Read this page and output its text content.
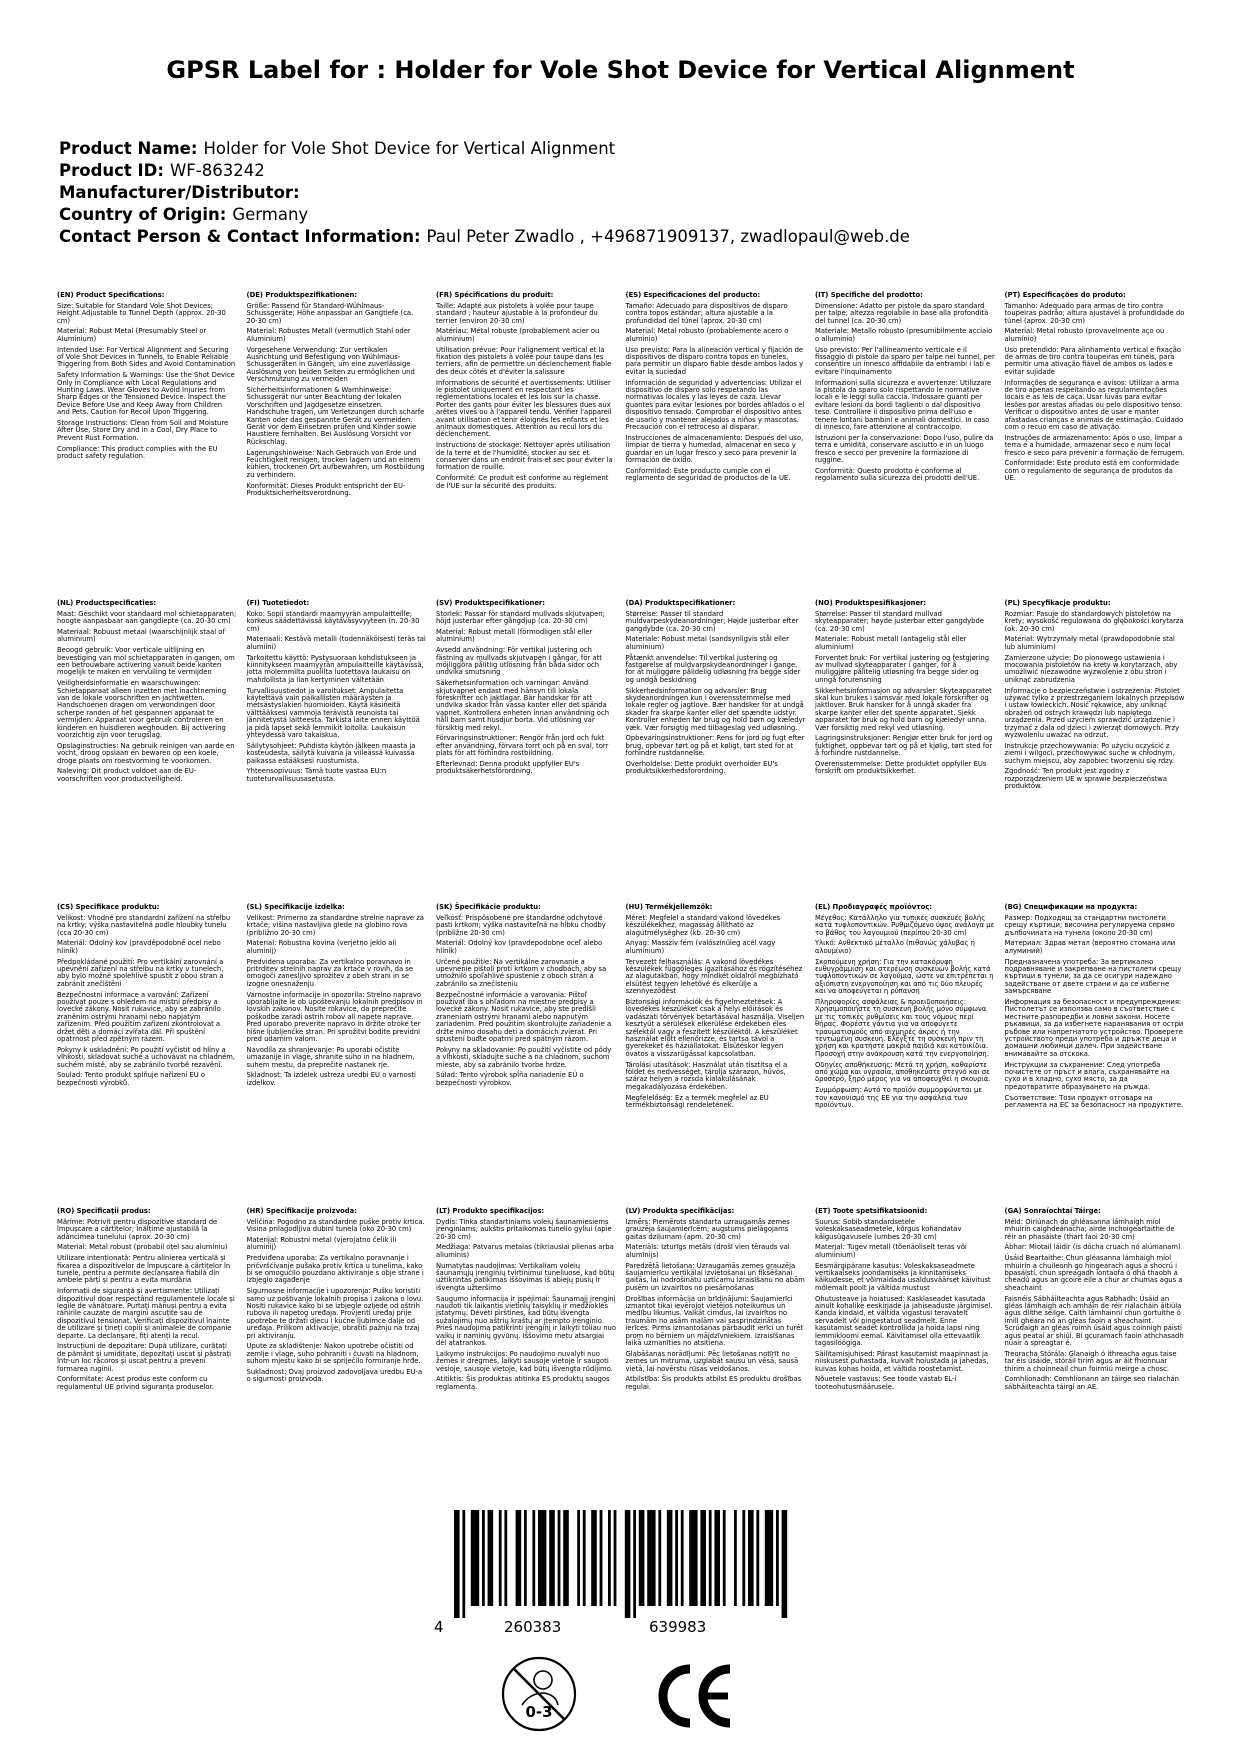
GPSR Label for : Holder for Vole Shot Device for Vertical Alignment
Product Name: Holder for Vole Shot Device for Vertical Alignment
Product ID: WF-863242
Manufacturer/Distributor:
Country of Origin: Germany
Contact Person & Contact Information: Paul Peter Zwadlo , +496871909137, zwadlopaul@web.de

(EN) Product Specifications:

Size: Suitable for Standard Vole Shot Devices; Height Adjustable to Tunnel Depth (approx. 20-30 cm)

Material: Robust Metal (Presumably Steel or Aluminium)

Intended Use: For Vertical Alignment and Securing of Vole Shot Devices in Tunnels, to Enable Reliable Triggering from Both Sides and Avoid Contamination

Safety Information & Warnings: Use the Shot Device Only in Compliance with Local Regulations and Hunting Laws. Wear Gloves to Avoid Injuries from Sharp Edges or the Tensioned Device. Inspect the Device Before Use and Keep Away from Children and Pets. Caution for Recoil Upon Triggering.

Storage Instructions: Clean from Soil and Moisture After Use, Store Dry and in a Cool, Dry Place to Prevent Rust Formation.

Compliance: This product complies with the EU product safety regulation.

(DE) Produktspezifikationen:

Größe: Passend für Standard-Wühlmaus-Schussgeräte; Höhe anpassbar an Gangtiefe (ca. 20-30 cm)

Material: Robustes Metall (vermutlich Stahl oder Aluminium)

Vorgesehene Verwendung: Zur vertikalen Ausrichtung und Befestigung von Wühlmaus-Schussgeräten in Gängen, um eine zuverlässige Auslösung von beiden Seiten zu ermöglichen und Verschmutzung zu vermeiden

Sicherheitsinformationen & Warnhinweise: Schussgerät nur unter Beachtung der lokalen Vorschriften und Jagdgesetze einsetzen. Handschuhe tragen, um Verletzungen durch scharfe Kanten oder das gespannte Gerät zu vermeiden. Gerät vor dem Einsetzen prüfen und Kinder sowie Haustiere fernhalten. Bei Auslösung Vorsicht vor Rückschlag.

Lagerungshinweise: Nach Gebrauch von Erde und Feuchtigkeit reinigen, trocken lagern und an einem kühlen, trockenen Ort aufbewahren, um Rostbildung zu verhindern.

Konformität: Dieses Produkt entspricht der EU-Produktsicherheitsverordnung.

(FR) Spécifications du produit:

Taille: Adapté aux pistolets à volée pour taupe standard ; hauteur ajustable à la profondeur du terrier (environ 20-30 cm)

Matériau: Métal robuste (probablement acier ou aluminium)

Utilisation prévue: Pour l'alignement vertical et la fixation des pistolets à volée pour taupe dans les terriers, afin de permettre un déclenchement fiable des deux côtés et d'éviter la salissure

Informations de sécurité et avertissements: Utiliser le pistolet uniquement en respectant les réglementations locales et les lois sur la chasse. Porter des gants pour éviter les blessures dues aux arêtes vives ou à l'appareil tendu. Vérifier l'appareil avant utilisation et tenir éloignés les enfants et les animaux domestiques. Attention au recul lors du déclenchement.

Instructions de stockage: Nettoyer après utilisation de la terre et de l'humidité, stocker au sec et conserver dans un endroit frais et sec pour éviter la formation de rouille.

Conformité: Ce produit est conforme au règlement de l'UE sur la sécurité des produits.

(ES) Especificaciones del producto:

Tamaño: Adecuado para dispositivos de disparo contra topos estándar; altura ajustable a la profundidad del túnel (aprox. 20-30 cm)

Material: Metal robusto (probablemente acero o aluminio)

Uso previsto: Para la alineación vertical y fijación de dispositivos de disparo contra topos en túneles, para permitir un disparo fiable desde ambos lados y evitar la suciedad

Información de seguridad y advertencias: Utilizar el dispositivo de disparo solo respetando las normativas locales y las leyes de caza. Llevar guantes para evitar lesiones por bordes afilados o el dispositivo tensado. Comprobar el dispositivo antes de usarlo y mantener alejados a niños y mascotas. Precaución con el retroceso al disparar.

Instrucciones de almacenamiento: Después del uso, limpiar de tierra y humedad, almacenar en seco y guardar en un lugar fresco y seco para prevenir la formación de óxido.

Conformidad: Este producto cumple con el reglamento de seguridad de productos de la UE.

(IT) Specifiche del prodotto:

Dimensione: Adatto per pistole da sparo standard per talpe; altezza regolabile in base alla profondità del tunnel (ca. 20-30 cm)

Materiale: Metallo robusto (presumibilmente acciaio o alluminio)

Uso previsto: Per l'allineamento verticale e il fissaggio di pistole da sparo per talpe nei tunnel, per consentire un innesco affidabile da entrambi i lati e evitare l'inquinamento

Informazioni sulla sicurezza e avvertenze: Utilizzare la pistola da sparo solo rispettando le normative locali e le leggi sulla caccia. Indossare guanti per evitare lesioni da bordi taglienti o dal dispositivo teso. Controllare il dispositivo prima dell'uso e tenere lontani bambini e animali domestici. In caso di innesco, fare attenzione al contraccolpo.

Istruzioni per la conservazione: Dopo l'uso, pulire da terra e umidità, conservare asciutto e in un luogo fresco e secco per prevenire la formazione di ruggine.

Conformità: Questo prodotto è conforme al regolamento sulla sicurezza dei prodotti dell'UE.

(PT) Especificações do produto:

Tamanho: Adequado para armas de tiro contra toupeiras padrão; altura ajustável à profundidade do túnel (aprox. 20-30 cm)

Material: Metal robusto (provavelmente aço ou alumínio)

Uso pretendido: Para alinhamento vertical e fixação de armas de tiro contra toupeiras em túneis, para permitir uma ativação fiável de ambos os lados e evitar sujidade

Informações de segurança e avisos: Utilizar a arma de tiro apenas respeitando as regulamentações locais e as leis de caça. Usar luvas para evitar lesões por arestas afiadas ou pelo dispositivo tenso. Verificar o dispositivo antes de usar e manter afastadas crianças e animais de estimação. Cuidado com o recuo em caso de ativação.

Instruções de armazenamento: Após o uso, limpar a terra e a humidade, armazenar seco e num local fresco e seco para prevenir a formação de ferrugem.

Conformidade: Este produto está em conformidade com o regulamento de segurança de produtos da UE.

(NL) Productspecificaties:

Maat: Geschikt voor standaard mol schietapparaten; hoogte aanpasbaar aan gangdiepte (ca. 20-30 cm)

Materiaal: Robuust metaal (waarschijnlijk staal of aluminium)

Beoogd gebruik: Voor verticale uitlijning en bevestiging van mol schietapparaten in gangen, om een betrouwbare activering vanuit beide kanten mogelijk te maken en vervuiling te vermijden

Veiligheidsinformatie en waarschuwingen: Schietapparaat alleen inzetten met inachtneming van de lokale voorschriften en jachtwetten. Handschoenen dragen om verwondingen door scherpe randen of het gespannen apparaat te vermijden. Apparaat voor gebruik controleren en kinderen en huisdieren weghouden. Bij activering voorzichtig zijn voor terugslag.

Opslaginstructies: Na gebruik reinigen van aarde en vocht, droog opslaan en bewaren op een koele, droge plaats om roestvorming te voorkomen.

Naleving: Dit product voldoet aan de EU-voorschriften voor productveiligheid.

(FI) Tuotetiedot:

Koko: Sopii standardi maamyyrän ampulaitteille; korkeus säädettävissä käytäväsyvyyteen (n. 20-30 cm)

Materiaali: Kestävä metalli (todennäköisesti teräs tai alumiini)

Tarkoitettu käyttö: Pystysuoraan kohdistukseen ja kiinnitykseen maamyyrän ampulaitteille käytävissä, jotta molemmilta puolilta luotettava laukaisu on mahdollista ja lian kertyminen vältetään

Turvallisuustiedot ja varoitukset: Ampulaitetta käytettävä vain paikallisten määräysten ja metsästyslakien huomioiden. Käytä käsineitä välttääksesi vammoja terävistä reunoista tai jännitetystä laitteesta. Tarkista laite ennen käyttöä ja pidä lapset sekä lemmikit loitolla. Laukaisun yhteydessä varo takaiskua.

Säilytysohjeet: Puhdista käytön jälkeen maasta ja kosteudesta, säilytä kuivana ja viileässä kuivassa paikassa estääksesi ruostumista.

Yhteensopivuus: Tämä tuote vastaa EU:n tuoteturvallisuusasetusta.

(SV) Produktspecifikationer:

Storlek: Passar för standard mullvads skjutvapen; höjd justerbar efter gångdjup (ca. 20-30 cm)

Material: Robust metall (förmodligen stål eller aluminium)

Avsedd användning: För vertikal justering och fästning av mullvads skjutvapen i gångar, för att möjliggöra pålitlig utlösning från båda sidor och undvika smutsning

Säkerhetsinformation och varningar: Använd skjutvapnet endast med hänsyn till lokala föreskrifter och jaktlagar. Bär handskar för att undvika skador från vassa kanter eller det spända vapnet. Kontrollera enheten innan användning och håll barn samt husdjur borta. Vid utlösning var försiktig med rekyl.

Förvaringsinstruktioner: Rengör från jord och fukt efter användning, förvara torrt och på en sval, torr plats för att förhindra rostbildning.

Efterlevnad: Denna produkt uppfyller EU's produktsäkerhetsförordning.

(DA) Produktspecifikationer:

Størrelse: Passer til standard muldvarpeskydeanordninger; Højde justerbar efter gangdybde (ca. 20-30 cm)

Materiale: Robust metal (sandsynligvis stål eller aluminium)

Påtænkt anvendelse: Til vertikal justering og fastgørelse af muldvarpskydeanordninger i gange, for at muliggøre pålidelig udløsning fra begge sider og undgå beskidning

Sikkerhedsinformation og advarsler: Brug skydeanordningen kun i overensstemmelse med lokale regler og jagtlove. Bær handsker for at undgå skader fra skarpe kanter eller det spændte udstyr. Kontroller enheden før brug og hold børn og kæledyr væk. Vær forsigtig med tilbageslag ved udløsning.

Opbevaringsinstruktioner: Rens for jord og fugt efter brug, opbevar tørt og på et køligt, tørt sted for at forhindre rustdannelse.

Overholdelse: Dette produkt overholder EU's produktsikkerhedsforordning.

(NO) Produktspesifikasjoner:

Størrelse: Passer til standard mullvad skyteapparater; høyde justerbar etter gangdybde (ca. 20-30 cm)

Materiale: Robust metall (antagelig stål eller aluminium)

Forventet bruk: For vertikal justering og festgjøring av mullvad skyteapparater i ganger, for å muliggjøre pålitelig utløsning fra begge sider og unngå forurensning

Sikkerhetsinformasjon og advarsler: Skyteapparatet skal kun brukes i samsvar med lokale forskrifter og jaktlover. Bruk hansker for å unngå skader fra skarpe kanter eller det spente apparatet. Sjekk apparatet før bruk og hold barn og kjæledyr unna. Vær forsiktig med rekyl ved utløsning.

Lagringsinstruksjoner: Rengjør etter bruk for jord og fuktighet, oppbevar tørt og på et kjølig, tørt sted for å forhindre rustdannelse.

Overensstemmelse: Dette produktet oppfyller EUs forskrift om produktsikkerhet.

(PL) Specyfikacje produktu:

Rozmiar: Pasuje do standardowych pistoletów na krety; wysokość regulowana do głębokości korytarza (ok. 20-30 cm)

Materiał: Wytrzymały metal (prawdopodobnie stal lub aluminium)

Zamierzone użycie: Do pionowego ustawienia i mocowania pistoletów na krety w korytarzach, aby umożliwić niezawodne wyzwolenie z obu stron i uniknąć zabrudzenia

Informacje o bezpieczeństwie i ostrzeżenia: Pistolet używać tylko z przestrzeganiem lokalnych przepisów i ustaw łowieckich. Nosić rękawice, aby uniknąć obrażeń od ostrych krawędzi lub napiętego urządzenia. Przed użyciem sprawdzić urządzenie i trzymać z dala od dzieci i zwierząt domowych. Przy wyzwoleniu uważać na odrzut.

Instrukcje przechowywania: Po użyciu oczyścić z ziemi i wilgoci, przechowywać suche w chłodnym, suchym miejscu, aby zapobiec tworzeniu się rdzy.

Zgodność: Ten produkt jest zgodny z rozporządzeniem UE w sprawie bezpieczeństwa produktów.

(CS) Specifikace produktu:

Velikost: Vhodné pro standardní zařízení na střelbu na krtky; výška nastavitelná podle hloubky tunelu (cca 20-30 cm)

Materiál: Odolný kov (pravděpodobně ocel nebo hliník)

Předpokládané použití: Pro vertikální zarovnání a upevnění zařízení na střelbu na krtky v tunelech, aby bylo možné spolehlivě spustit z obou stran a zabránit znečištění

Bezpečnostní informace a varování: Zařízení používat pouze s ohledem na místní předpisy a lovecké zákony. Nosit rukavice, aby se zabránilo zraněním ostrými hranami nebo napjatým zařízením. Před použitím zařízení zkontrolovat a držet děti a domácí zvířata dál. Při spuštění opatrnost před zpětným rázem.

Pokyny k uskladnění: Po použití vyčistit od hlíny a vlhkosti, skladovat suché a uchovávat na chladném, suchém místě, aby se zabránilo tvorbě rezavění.

Soulad: Tento produkt splňuje nařízení EU o bezpečnosti výrobků.

(SL) Specifikacije izdelka:

Velikost: Primerno za standardne strelne naprave za krtače; višina nastavljiva glede na globino rova (približno 20-30 cm)

Material: Robustna kovina (verjetno jeklo ali aluminij)

Predvidena uporaba: Za vertikalno poravnavo in pritrditev strelnih naprav za krtače v rovih, da se omogoči zanesljivo sprožitev z obeh strani in se izogne onesnaženju

Varnostne informacije in opozorila: Strelno napravo uporabljajte le ob upoštevanju lokalnih predpisov in lovskih zakonov. Nosite rokavice, da preprečite poškodbe zaradi ostrih robov ali napete naprave. Pred uporabo preverite napravo in držite otroke ter hišne ljubljenčke stran. Pri sprožitvi bodite previdni pred udarnim valom.

Navodila za shranjevanje: Po uporabi očistite umazanije in vlage, shranite suho in na hladnem, suhem mestu, da preprečite nastanek rje.

Skladnost: Ta izdelek ustreza uredbi EU o varnosti izdelkov.

(SK) Špecifikácie produktu:

Veľkosť: Prispôsobené pre štandardné odchytové pasti krtkom; výška nastaviteľná na hĺbku chodby (približne 20-30 cm)

Materiál: Odolný kov (pravdepodobne oceľ alebo hliník)

Určené použitie: Na vertikálne zarovnanie a upevnenie pištolí proti krtkom v chodbách, aby sa umožnilo spoľahlivé spustenie z oboch strán a zabránilo sa znečisteniu

Bezpečnostné informácie a varovania: Pištoľ používať iba s ohľadom na miestne predpisy a lovecké zákony. Nosiť rukavice, aby ste predišli zraneniam ostrými hranami alebo napnutým zariadením. Pred použitím skontrolujte zariadenie a držte mimo dosahu detí a domácich zvierat. Pri spustení buďte opatrní pred spätným rázom.

Pokyny na skladovanie: Po použití vyčistite od pôdy a vlhkosti, skladujte suché a na chladnom, suchom mieste, aby sa zabránilo tvorbe hrdze.

Súlad: Tento výrobok spĺňa nariadenie EÚ o bezpečnosti výrobkov.

(HU) Termékjellemzők:

Méret: Megfelel a standard vakond lövedékes készülékekhez; magasság állítható az alagútmélységhez (kb. 20-30 cm)

Anyag: Masszív fém (valószínűleg acél vagy alumínium)

Tervezett felhasználás: A vakond lövedékes készülékek függőleges igazításához és rögzítéséhez az alagutakban, hogy mindkét oldalról megbízható elsütést tegyen lehetővé és elkerülje a szennyeződést

Biztonsági információk és figyelmeztetések: A lövedékes készüléket csak a helyi előírások és vadászati törvények betartásával használja. Viseljen kesztyűt a sérülések elkerülése érdekében éles szélektől vagy a feszített készüléktől. A készüléket használat előtt ellenőrizze, és tartsa távol a gyerekeket és háziállatokat. Elsütéskor legyen óvatos a visszarúgással kapcsolatban.

Tárolási utasítások: Használat után tisztítsa el a földet és nedvességet, tárolja szárazon, hűvös, száraz helyen a rozsda kialakulásának megakadályozása érdekében.

Megfelelőség: Ez a termék megfelel az EU termékbiztonsági rendeletének.

(EL) Προδιαγραφές προϊόντος:

Μέγεθος: Κατάλληλο για τυπικές συσκευές βολής κατά τυφλοποντικών. Ρυθμιζόμενο ύψος ανάλογα με το βάθος του λαγουμιού (περίπου 20-30 cm)

Υλικό: Ανθεκτικό μέταλλο (πιθανώς χάλυβας ή αλουμίνιο)

Σκοπούμενη χρήση: Για την κατακόρυφη ευθυγράμμιση και στερέωση συσκευών βολής κατά τυφλοποντικών σε λαγούμια, ώστε να επιτρέπεται η αξιόπιστη ενεργοποίηση και από τις δύο πλευρές και να αποφεύγεται η ρύπανση

Πληροφορίες ασφάλειας & προειδοποιήσεις: Χρησιμοποιήστε τη συσκευή βολής μόνο σύμφωνα με τις τοπικές ρυθμίσεις και τους νόμους περί θήρας. Φορέστε γάντια για να αποφύγετε τραυματισμούς από αιχμηρές άκρες ή την τεντωμένη συσκευή. Ελέγξτε τη συσκευή πριν τη χρήση και κρατήστε μακριά παιδιά και κατοικίδια. Προσοχή στην ανάκρουση κατά την ενεργοποίηση.

Οδηγίες αποθήκευσης: Μετά τη χρήση, καθαρίστε από χώμα και υγρασία, αποθηκεύστε στεγνό και σε δροσερό, ξηρό μέρος για να αποφευχθεί η σκουριά.

Συμμόρφωση: Αυτό το προϊόν συμμορφώνεται με τον κανονισμό της ΕΕ για την ασφάλεια των προϊόντων.

(BG) Спецификации на продукта:

Размер: Подходящ за стандартни пистолети срещу къртици; височина регулируема спрямо дълбочината на тунела (около 20-30 cm)

Материал: Здрав метал (вероятно стомана или алуминий)

Предназначена употреба: За вертикално подравняване и закрепване на пистолети срещу къртици в тунели, за да се осигури надеждно задействане от двете страни и да се избегне замърсяване

Информация за безопасност и предупреждения: Пистолетът се използва само в съответствие с местните разпоредби и ловни закони. Носете ръкавици, за да избегнете наранявания от остри ръбове или напрегнатото устройство. Проверете устройството преди употреба и дръжте деца и домашни любимци далеч. При задействане внимавайте за отскока.

Инструкции за съхранение: След употреба почистете от пръст и влага, съхранявайте на сухо и в хладно, сухо място, за да предотвратите образуването на ръжда.

Съответствие: Този продукт отговаря на регламента на ЕС за безопасност на продуктите.

(RO) Specificații produs:

Mărime: Potrivit pentru dispozitive standard de împușcare a cârtițelor; Înălțime ajustabilă la adâncimea tunelului (aprox. 20-30 cm)

Material: Metal robust (probabil oțel sau aluminiu)

Utilizare intenționată: Pentru alinierea verticală și fixarea a dispozitivelor de împușcare a cârtițelor în tunele, pentru a permite declanșarea fiabilă din ambele părți și pentru a evita murdăria

Informații de siguranță și avertismente: Utilizați dispozitivul doar respectând regulamentele locale și legile de vânătoare. Purtați mănuși pentru a evita rănirile cauzate de margini ascuțite sau de dispozitivul tensionat. Verificați dispozitivul înainte de utilizare și țineți copiii și animalele de companie departe. La declanșare, fiți atenți la recul.

Instrucțiuni de depozitare: După utilizare, curățați de pământ și umiditate, depozitați uscat și păstrați într-un loc răcoros și uscat pentru a preveni formarea ruginii.

Conformitate: Acest produs este conform cu regulamentul UE privind siguranța produselor.

(HR) Specifikacije proizvoda:

Veličina: Pogodno za standardne puške protiv krtica. Visina prilagodljiva dubini tunela (oko 20-30 cm)

Materijal: Robustni metal (vjerojatno čelik ili aluminij)

Predviđena uporaba: Za vertikalno poravnanje i pričvršćivanje pušaka protiv krtica u tunelima, kako bi se omogućilo pouzdano aktiviranje s obje strane i izbjeglo zagađenje

Sigurnosne informacije i upozorenja: Pušku koristiti samo uz poštivanje lokalnih propisa i zakona o lovu. Nositi rukavice kako bi se izbjegle ozljede od oštrih rubova ili napetog uređaja. Provjeriti uređaj prije upotrebe te držati djecu i kućne ljubimce dalje od uređaja. Prilikom aktivacije, obratiti pažnju na trzaj pri aktiviranju.

Upute za skladištenje: Nakon upotrebe očistiti od zemlje i vlage, suho pohraniti i čuvati na hladnom, suhom mjestu kako bi se spriječilo formiranje hrđe.

Sukladnost: Ovaj proizvod zadovoljava uredbu EU-a o sigurnosti proizvoda.

(LT) Produkto specifikacijos:

Dydis: Tinka standartiniams voleių šaunamiesiems įrenginiams; aukštis pritaikomas tunelio gyliui (apie 20-30 cm)

Medžiaga: Patvarus metalas (tikriausiai plienas arba aliuminis)

Numatytas naudojimas: Vertikaliam voleių šaunamųjų įrenginių tvirtinimui tuneliuose, kad būtų užtikrintas patikimas iššovimas iš abiejų pusių ir išvengta užteršimo

Saugumo informacija ir įspėjimai: Šaunamąjį įrenginį naudoti tik laikantis vietinių taisyklių ir medžioklės įstatymų. Dėvėti pirštines, kad būtų išvengta sužalojimų nuo aštrių kraštų ar įtempto įrenginio. Prieš naudojimą patikrinti įrenginį ir laikyti toliau nuo vaikų ir naminių gyvūnų. Iššovimo metu atsargiai dėl atatrankos.

Laikymo instrukcijos: Po naudojimo nuvalyti nuo žemės ir drėgmės, laikyti sausoje vietoje ir saugoti vėsioje, sausoje vietoje, kad būtų išvengta rūdijimo.

Atitiktis: Šis produktas atitinka ES produktų saugos reglamentą.

(LV) Produkta specifikācijas:

Izmērs: Piemērots standarta uzraugamās zemes grauzēja šaujamierīcēm; augstums pielāgojams gaitas dziļumam (apm. 20-30 cm)

Materiāls: Izturīgs metāls (drošī vien tērauds vai alumīnijs)

Paredzētā lietošana: Uzraugamās zemes grauzēja šaujamierīcu vertikālai izvietošanai un fiksēšanai gaitās, lai nodrošinātu uzticamu izraisīšanu no abām pusēm un izvairītos no piesārņošanas

Drošības informācija un brīdinājumi: Šaujamierīci izmantot tikai ievērojot vietējos noteikumus un medību likumus. Valkāt cimdus, lai izvairītos no traumām no asām malām vai sasprindzinātas ierīces. Pirms izmantošanas pārbaudīt ierīci un turēt prom no bērniem un mājdzīvniekiem. Izraisīšanas laikā uzmanīties no atsitiena.

Glabāšanas norādījumi: Pēc lietošanas notīrīt no zemes un mitruma, uzglabāt sausu un vēsā, sausā vietā, lai novērstu rūsas veidošanos.

Atbilstība: Šis produkts atbilst ES produktu drošības regulai.

(ET) Toote spetsifikatsioonid:

Suurus: Sobib standardsetele voleskaksaseadmetele, kõrgus kohandatav käigusügavusele (umbes 20-30 cm)

Materjal: Tugev metall (tõenäoliselt teras või alumiinium)

Eesmärgipärane kasutus: Voleskaksaseadmete vertikaalseks joondamiseks ja kinnitamiseks käikudesse, et võimaldada usaldusväärset käivitust mõlemalt poolt ja vältida mustust

Ohutusteave ja hoiatused: Kasklaseadet kasutada ainult kohalike eeskirjade ja jahiseaduste järgimisel. Kanda kindaid, et vältida vigastusi teravatelt servadelt või pingestatud seadmelt. Enne kasutamist seadet kontrollida ja hoida lapsi ning lemmikloomi eemal. Käivitamisel olla ettevaatlik tagasilöögiga.

Säilitamisjuhised: Pärast kasutamist maapinnast ja niiskusest puhastada, kuivalt hoiustada ja jahedas, kuivas kohas hoida, et vältida roostetamist.

Nõuetele vastavus: See toode vastab EL-i tooteohutusmäärusele.

(GA) Sonraíochtaí Táirge:

Méid: Oiriúnach do ghléasanna lámhaigh míol mhuirín caighdeánacha; airde inchoigeartaithe de réir an phasáiste (thart faoi 20-30 cm)

Ábhar: Miotail láidir (is dócha cruach nó alúmanam)

Úsáid Beartaithe: Chun gléasanna lámhaigh míol mhuirín a chuileonh go hingearach agus a shocrú i bpasáistí, chun spreagadh iontaofa ó dhá thaobh a cheadú agus an gcoire eile a chur ar chumas agus a sheachaint

Faisnéis Sábháilteachta agus Rabhadh: Úsáid an gléas lámhaigh ach amháin de réir rialacháin áitiúla agus dlíthe seilge. Caith lámhainní chun gortuithe ó imill ghéara nó an gléas faoin a sheachaint. Scrúdaigh an gléas roimh úsáid agus coinnigh páistí agus peataí ar shiúl. Bí gcuramach faoin athchasadh nuair a spreagtar é.

Treoracha Stórála: Glanaigh ó ithreacha agus taise tar éis úsáide, stóráil tirim agus ar áit fhionnuar thirim a choinneail chun foirmiú meirge a chosc.

Comhlíonadh: Comhlíonann an táirge seo rialachán sábháilteachta táirgí an AE.

4	260383	639983
0-3
